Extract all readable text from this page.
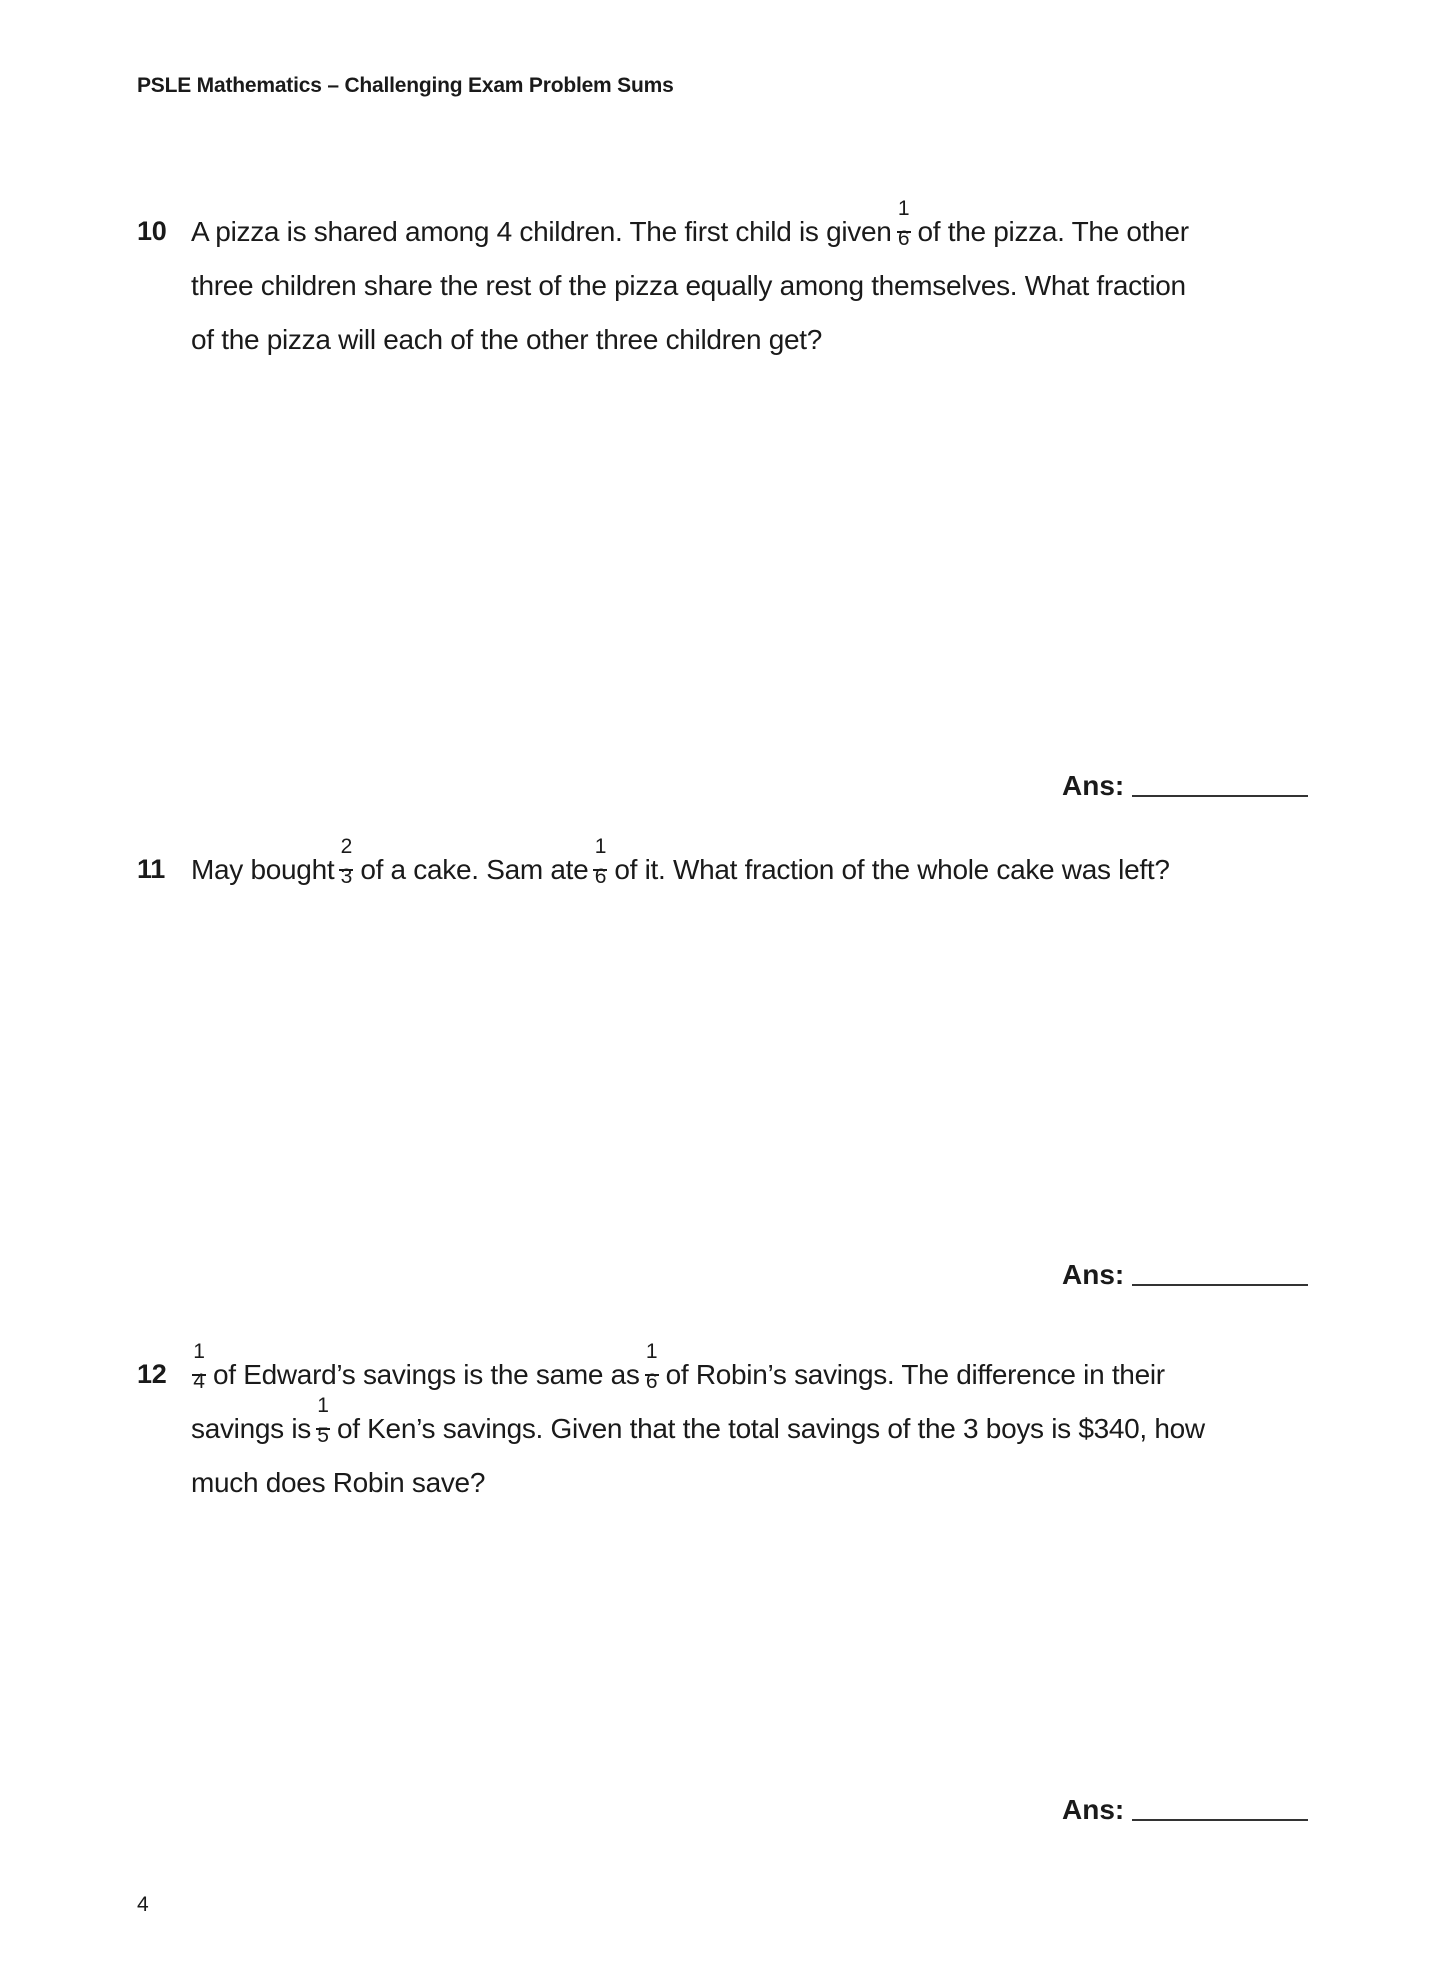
PSLE Mathematics – Challenging Exam Problem Sums
10 A pizza is shared among 4 children. The first child is given $\frac{1}{6}$ of the pizza. The other
three children share the rest of the pizza equally among themselves. What fraction
of the pizza will each of the other three children get?
Ans:
11 May bought $\frac{2}{3}$ of a cake. Sam ate $\frac{1}{6}$ of it. What fraction of the whole cake was left?
Ans:
$12 \frac{1}{4}$ of Edward’s savings is the same as $\frac{1}{6}$ of Robin’s savings. The difference in their
savings is $\frac{1}{5}$ of Ken’s savings. Given that the total savings of the 3 boys is $340, how
much does Robin save?
Ans:
4
